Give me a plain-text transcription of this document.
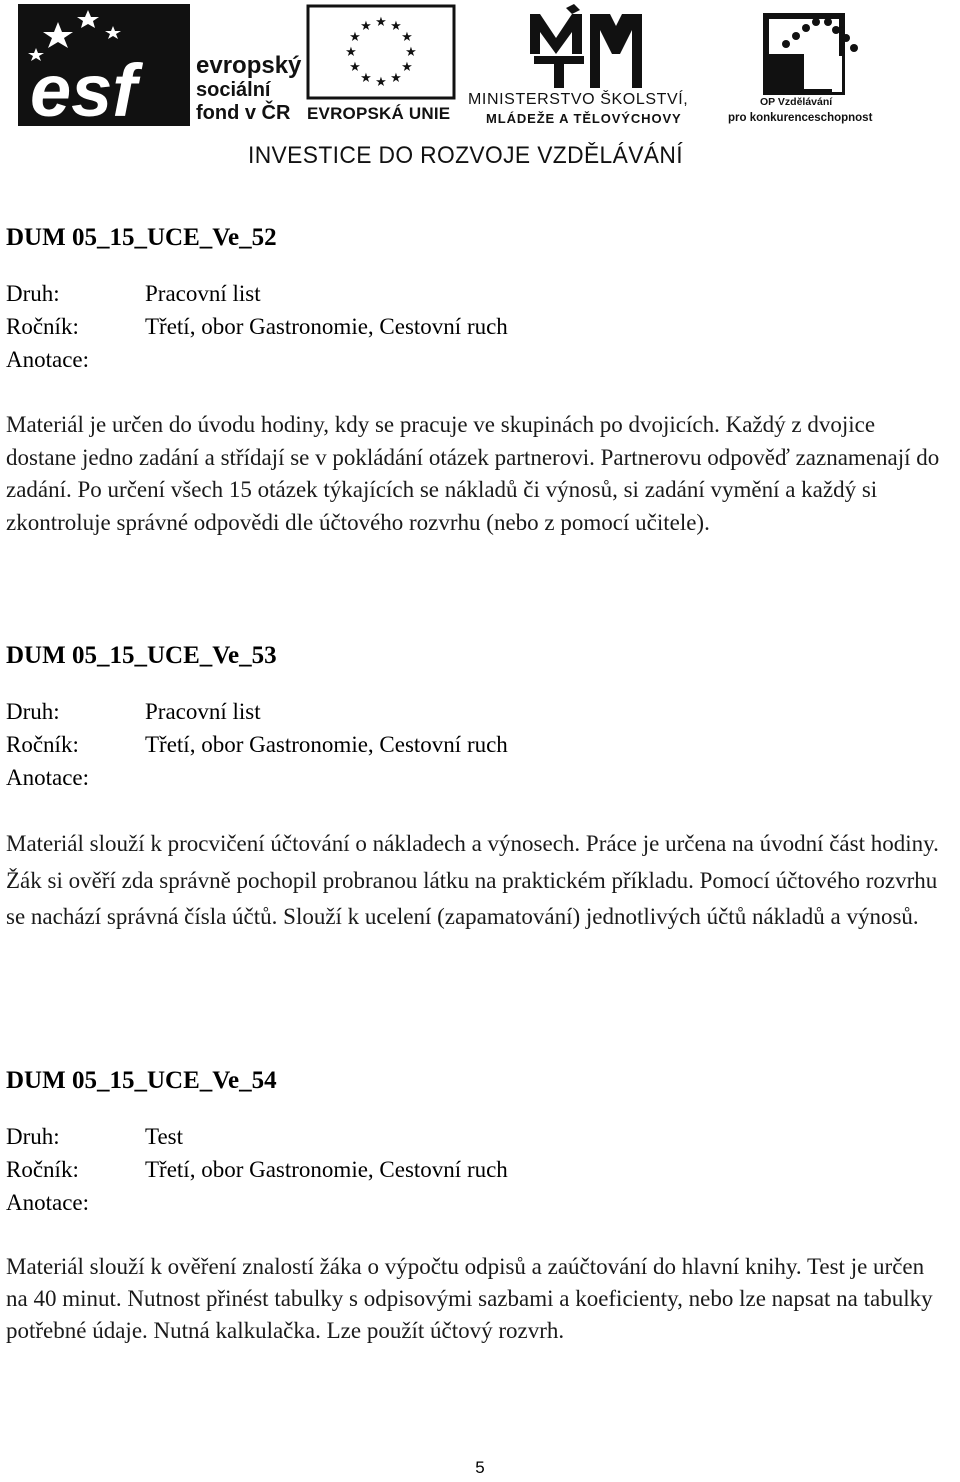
esf evropský
sociální
fond v ČR
★ ★
★
★
★
★
★
★
★
★
★
★
EVROPSKÁ UNIE
MINISTERSTVO ŠKOLSTVÍ,
MLÁDEŽE A TĚLOVÝCHOVY
2007-13
OP Vzdělávání
pro konkurenceschopnost
INVESTICE DO ROZVOJE VZDĚLÁVÁNÍ
DUM 05_15_UCE_Ve_52
Druh:	Pracovní list
Ročník:	Třetí, obor Gastronomie, Cestovní ruch
Anotace:

Materiál je určen do úvodu hodiny, kdy se pracuje ve skupinách po dvojicích. Každý z dvojice dostane jedno zadání a střídají se v pokládání otázek partnerovi. Partnerovu odpověď zaznamenají do zadání. Po určení všech 15 otázek týkajících se nákladů či výnosů, si zadání vymění a každý si zkontroluje správné odpovědi dle účtového rozvrhu (nebo z pomocí učitele).

DUM 05_15_UCE_Ve_53
Druh:	Pracovní list
Ročník:	Třetí, obor Gastronomie, Cestovní ruch
Anotace:

Materiál slouží k procvičení účtování o nákladech a výnosech. Práce je určena na úvodní část hodiny. Žák si ověří zda správně pochopil probranou látku na praktickém příkladu. Pomocí účtového rozvrhu se nachází správná čísla účtů. Slouží k ucelení (zapamatování) jednotlivých účtů nákladů a výnosů.

DUM 05_15_UCE_Ve_54
Druh:	Test
Ročník:	Třetí, obor Gastronomie, Cestovní ruch
Anotace:

Materiál slouží k ověření znalostí žáka o výpočtu odpisů a zaúčtování do hlavní knihy. Test je určen na 40 minut. Nutnost přinést tabulky s odpisovými sazbami a koeficienty, nebo lze napsat na tabulky potřebné údaje. Nutná kalkulačka. Lze použít účtový rozvrh.

5
